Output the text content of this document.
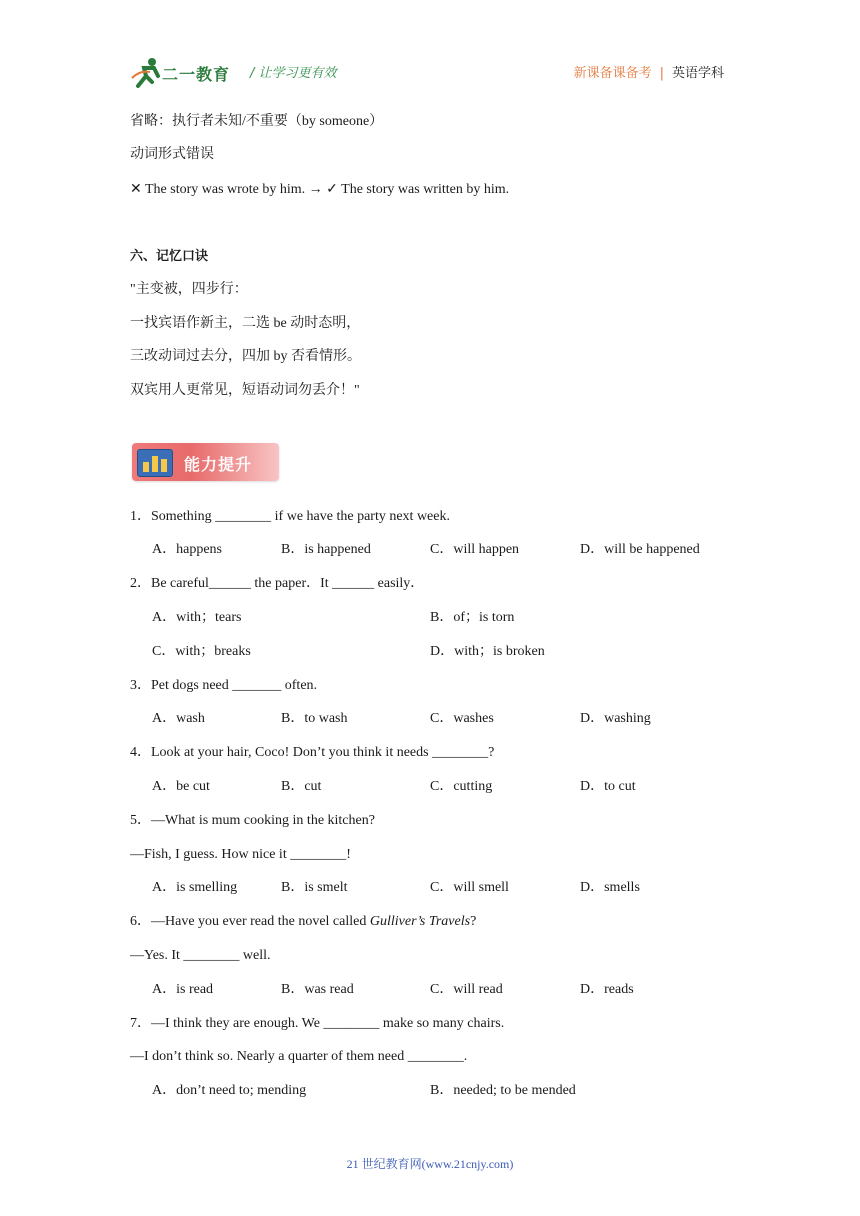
二一教育 / 让学习更有效	新课备课备考 | 英语学科
省略：执行者未知/不重要（by someone）
动词形式错误
✕ The story was wrote by him. → ✓ The story was written by him.
六、记忆口诀
"主变被，四步行：
一找宾语作新主，二选 be 动时态明，
三改动词过去分，四加 by 否看情形。
双宾用人更常见，短语动词勿丢介！"
能力提升
1．Something ________ if we have the party next week.
A．happens	B．is happened	C．will happen	D．will be happened
2．Be careful______ the paper．It ______ easily．
A．with；tears	B．of；is torn
C．with；breaks	D．with；is broken
3．Pet dogs need _______ often.
A．wash	B．to wash	C．washes	D．washing
4．Look at your hair, Coco! Don’t you think it needs ________?
A．be cut	B．cut	C．cutting	D．to cut
5．—What is mum cooking in the kitchen?
—Fish, I guess. How nice it ________!
A．is smelling	B．is smelt	C．will smell	D．smells
6．—Have you ever read the novel called Gulliver’s Travels?
—Yes. It ________ well.
A．is read	B．was read	C．will read	D．reads
7．—I think they are enough. We ________ make so many chairs.
—I don’t think so. Nearly a quarter of them need ________.
A．don’t need to; mending	B．needed; to be mended
21 世纪教育网(www.21cnjy.com)
